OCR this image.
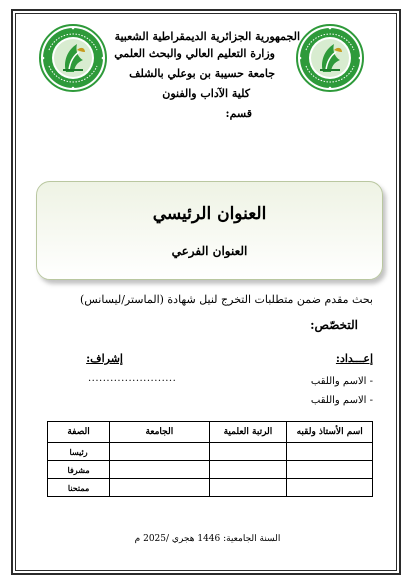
الجمهورية الجزائرية الديمقراطية الشعبية
وزارة التعليم العالي والبحث العلمي
جامعة حسيبة بن بوعلي بالشلف
كلية الآداب والفنون
قسم:
العنوان الرئيسي
العنوان الفرعي
بحث مقدم ضمن متطلبات التخرج لنيل شهادة (الماستر/ليسانس)
التخصّص:
إعـــداد:
إشراف:
........................	- الاسم واللقب
- الاسم واللقب
اسم الأستاذ ولقبه	الرتبة العلمية	الجامعة	الصفة
			رئيسا
			مشرفا
			ممتحنا
السنة الجامعية: 1446 هجري /2025 م
